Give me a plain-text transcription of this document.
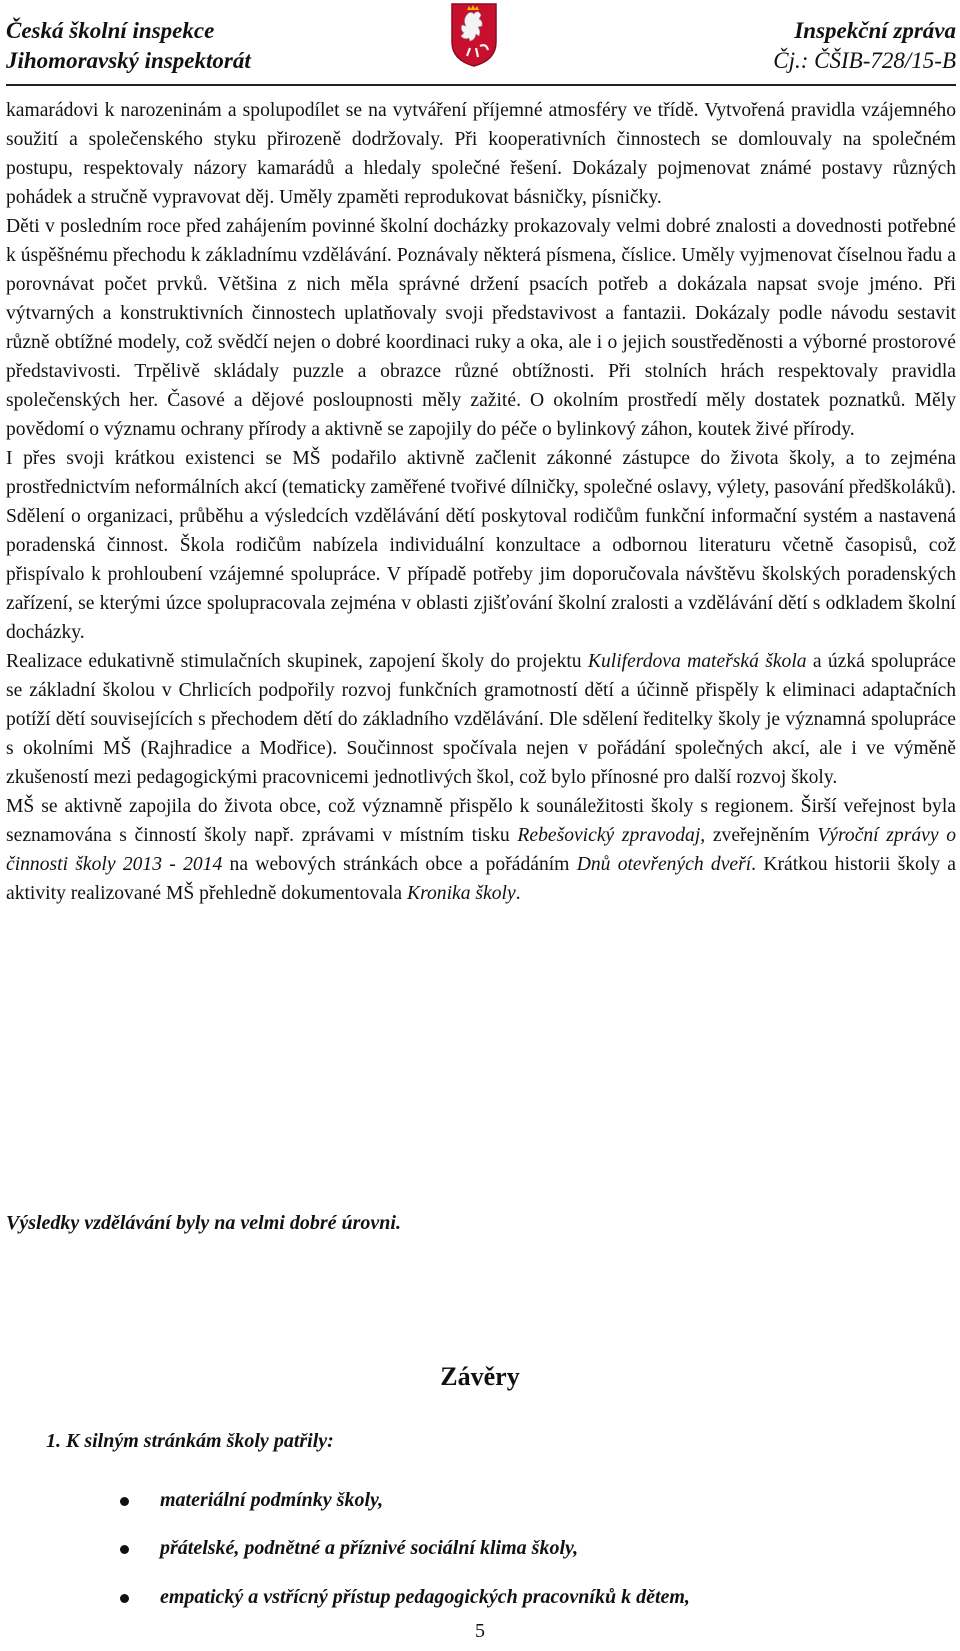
Česká školní inspekce
Jihomoravský inspektorát
Inspekční zpráva
Čj.: ČŠIB-728/15-B

kamarádovi k narozeninám a spolupodílet se na vytváření příjemné atmosféry ve třídě. Vytvořená pravidla vzájemného soužití a společenského styku přirozeně dodržovaly. Při kooperativních činnostech se domlouvaly na společném postupu, respektovaly názory kamarádů a hledaly společné řešení. Dokázaly pojmenovat známé postavy různých pohádek a stručně vypravovat děj. Uměly zpaměti reprodukovat básničky, písničky.

Děti v posledním roce před zahájením povinné školní docházky prokazovaly velmi dobré znalosti a dovednosti potřebné k úspěšnému přechodu k základnímu vzdělávání. Poznávaly některá písmena, číslice. Uměly vyjmenovat číselnou řadu a porovnávat počet prvků. Většina z nich měla správné držení psacích potřeb a dokázala napsat svoje jméno. Při výtvarných a konstruktivních činnostech uplatňovaly svoji představivost a fantazii. Dokázaly podle návodu sestavit různě obtížné modely, což svědčí nejen o dobré koordinaci ruky a oka, ale i o jejich soustředěnosti a výborné prostorové představivosti. Trpělivě skládaly puzzle a obrazce různé obtížnosti. Při stolních hrách respektovaly pravidla společenských her. Časové a dějové posloupnosti měly zažité. O okolním prostředí měly dostatek poznatků. Měly povědomí o významu ochrany přírody a aktivně se zapojily do péče o bylinkový záhon, koutek živé přírody.

I přes svoji krátkou existenci se MŠ podařilo aktivně začlenit zákonné zástupce do života školy, a to zejména prostřednictvím neformálních akcí (tematicky zaměřené tvořivé dílničky, společné oslavy, výlety, pasování předškoláků). Sdělení o organizaci, průběhu a výsledcích vzdělávání dětí poskytoval rodičům funkční informační systém a nastavená poradenská činnost. Škola rodičům nabízela individuální konzultace a odbornou literaturu včetně časopisů, což přispívalo k prohloubení vzájemné spolupráce. V případě potřeby jim doporučovala návštěvu školských poradenských zařízení, se kterými úzce spolupracovala zejména v oblasti zjišťování školní zralosti a vzdělávání dětí s odkladem školní docházky.

Realizace edukativně stimulačních skupinek, zapojení školy do projektu Kuliferdova mateřská škola a úzká spolupráce se základní školou v Chrlicích podpořily rozvoj funkčních gramotností dětí a účinně přispěly k eliminaci adaptačních potíží dětí souvisejících s přechodem dětí do základního vzdělávání. Dle sdělení ředitelky školy je významná spolupráce s okolními MŠ (Rajhradice a Modřice). Součinnost spočívala nejen v pořádání společných akcí, ale i ve výměně zkušeností mezi pedagogickými pracovnicemi jednotlivých škol, což bylo přínosné pro další rozvoj školy.

MŠ se aktivně zapojila do života obce, což významně přispělo k sounáležitosti školy s regionem. Širší veřejnost byla seznamována s činností školy např. zprávami v místním tisku Rebešovický zpravodaj, zveřejněním Výroční zprávy o činnosti školy 2013 - 2014 na webových stránkách obce a pořádáním Dnů otevřených dveří. Krátkou historii školy a aktivity realizované MŠ přehledně dokumentovala Kronika školy.

Výsledky vzdělávání byly na velmi dobré úrovni.
Závěry
1. K silným stránkám školy patřily:
materiální podmínky školy,
přátelské, podnětné a příznivé sociální klima školy,
empatický a vstřícný přístup pedagogických pracovníků k dětem,
5
